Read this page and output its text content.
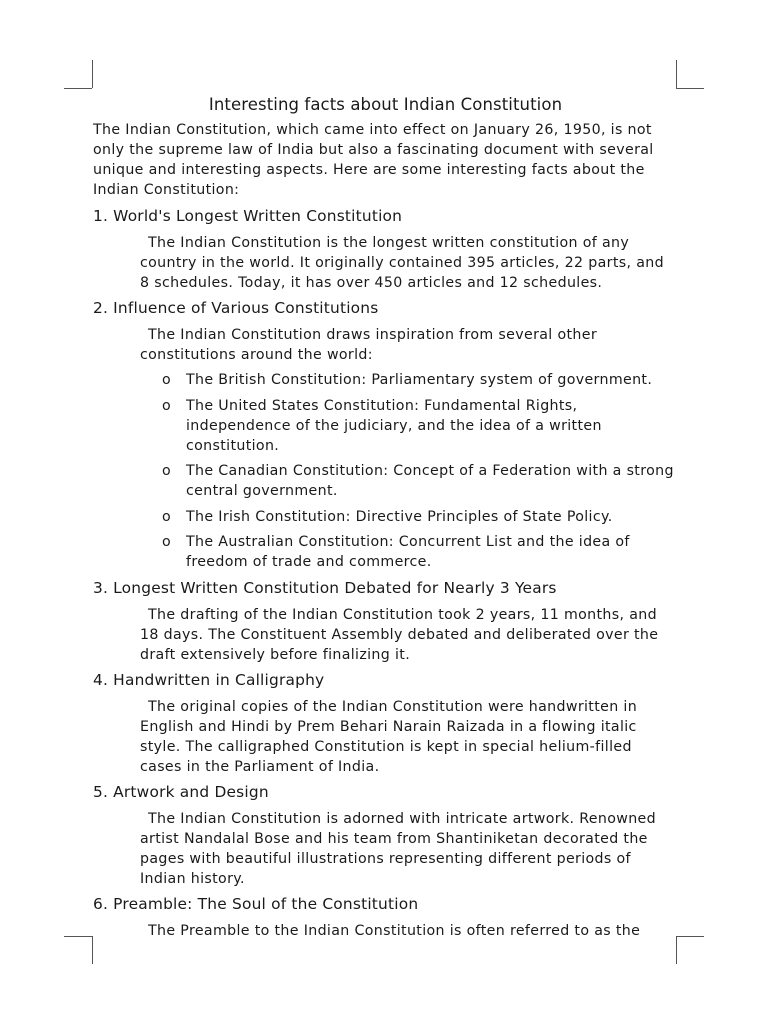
Interesting facts about Indian Constitution
The Indian Constitution, which came into effect on January 26, 1950, is not only the supreme law of India but also a fascinating document with several unique and interesting aspects. Here are some interesting facts about the Indian Constitution:
1. World's Longest Written Constitution
The Indian Constitution is the longest written constitution of any country in the world. It originally contained 395 articles, 22 parts, and 8 schedules. Today, it has over 450 articles and 12 schedules.
2. Influence of Various Constitutions
The Indian Constitution draws inspiration from several other constitutions around the world:
o The British Constitution: Parliamentary system of government.
o The United States Constitution: Fundamental Rights, independence of the judiciary, and the idea of a written constitution.
o The Canadian Constitution: Concept of a Federation with a strong central government.
o The Irish Constitution: Directive Principles of State Policy.
o The Australian Constitution: Concurrent List and the idea of freedom of trade and commerce.
3. Longest Written Constitution Debated for Nearly 3 Years
The drafting of the Indian Constitution took 2 years, 11 months, and 18 days. The Constituent Assembly debated and deliberated over the draft extensively before finalizing it.
4. Handwritten in Calligraphy
The original copies of the Indian Constitution were handwritten in English and Hindi by Prem Behari Narain Raizada in a flowing italic style. The calligraphed Constitution is kept in special helium-filled cases in the Parliament of India.
5. Artwork and Design
The Indian Constitution is adorned with intricate artwork. Renowned artist Nandalal Bose and his team from Shantiniketan decorated the pages with beautiful illustrations representing different periods of Indian history.
6. Preamble: The Soul of the Constitution
The Preamble to the Indian Constitution is often referred to as the
